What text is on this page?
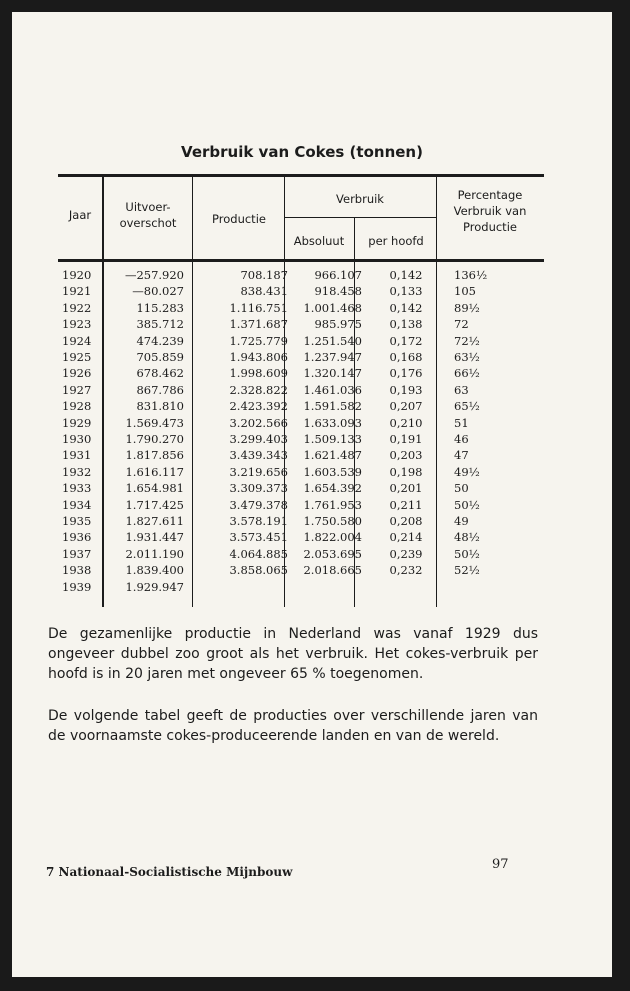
Verbruik van Cokes (tonnen)
Jaar
Uitvoer-overschot	Productie
Verbruik
Absoluut	per hoofd
Percentage Verbruik van Productie
1920	—257.920	708.187	966.107	0,142	136½
1921	—80.027	838.431	918.458	0,133	105
1922	115.283	1.116.751	1.001.468	0,142	89½
1923	385.712	1.371.687	985.975	0,138	72
1924	474.239	1.725.779	1.251.540	0,172	72½
1925	705.859	1.943.806	1.237.947	0,168	63½
1926	678.462	1.998.609	1.320.147	0,176	66½
1927	867.786	2.328.822	1.461.036	0,193	63
1928	831.810	2.423.392	1.591.582	0,207	65½
1929	1.569.473	3.202.566	1.633.093	0,210	51
1930	1.790.270	3.299.403	1.509.133	0,191	46
1931	1.817.856	3.439.343	1.621.487	0,203	47
1932	1.616.117	3.219.656	1.603.539	0,198	49½
1933	1.654.981	3.309.373	1.654.392	0,201	50
1934	1.717.425	3.479.378	1.761.953	0,211	50½
1935	1.827.611	3.578.191	1.750.580	0,208	49
1936	1.931.447	3.573.451	1.822.004	0,214	48½
1937	2.011.190	4.064.885	2.053.695	0,239	50½
1938	1.839.400	3.858.065	2.018.665	0,232	52½
1939	1.929.947
De gezamenlijke productie in Nederland was vanaf 1929 dus ongeveer dubbel zoo groot als het verbruik. Het cokes-verbruik per hoofd is in 20 jaren met ongeveer 65 % toegenomen.
De volgende tabel geeft de producties over verschillende jaren van de voornaamste cokes-produceerende landen en van de wereld.
7 Nationaal-Socialistische Mijnbouw	97
